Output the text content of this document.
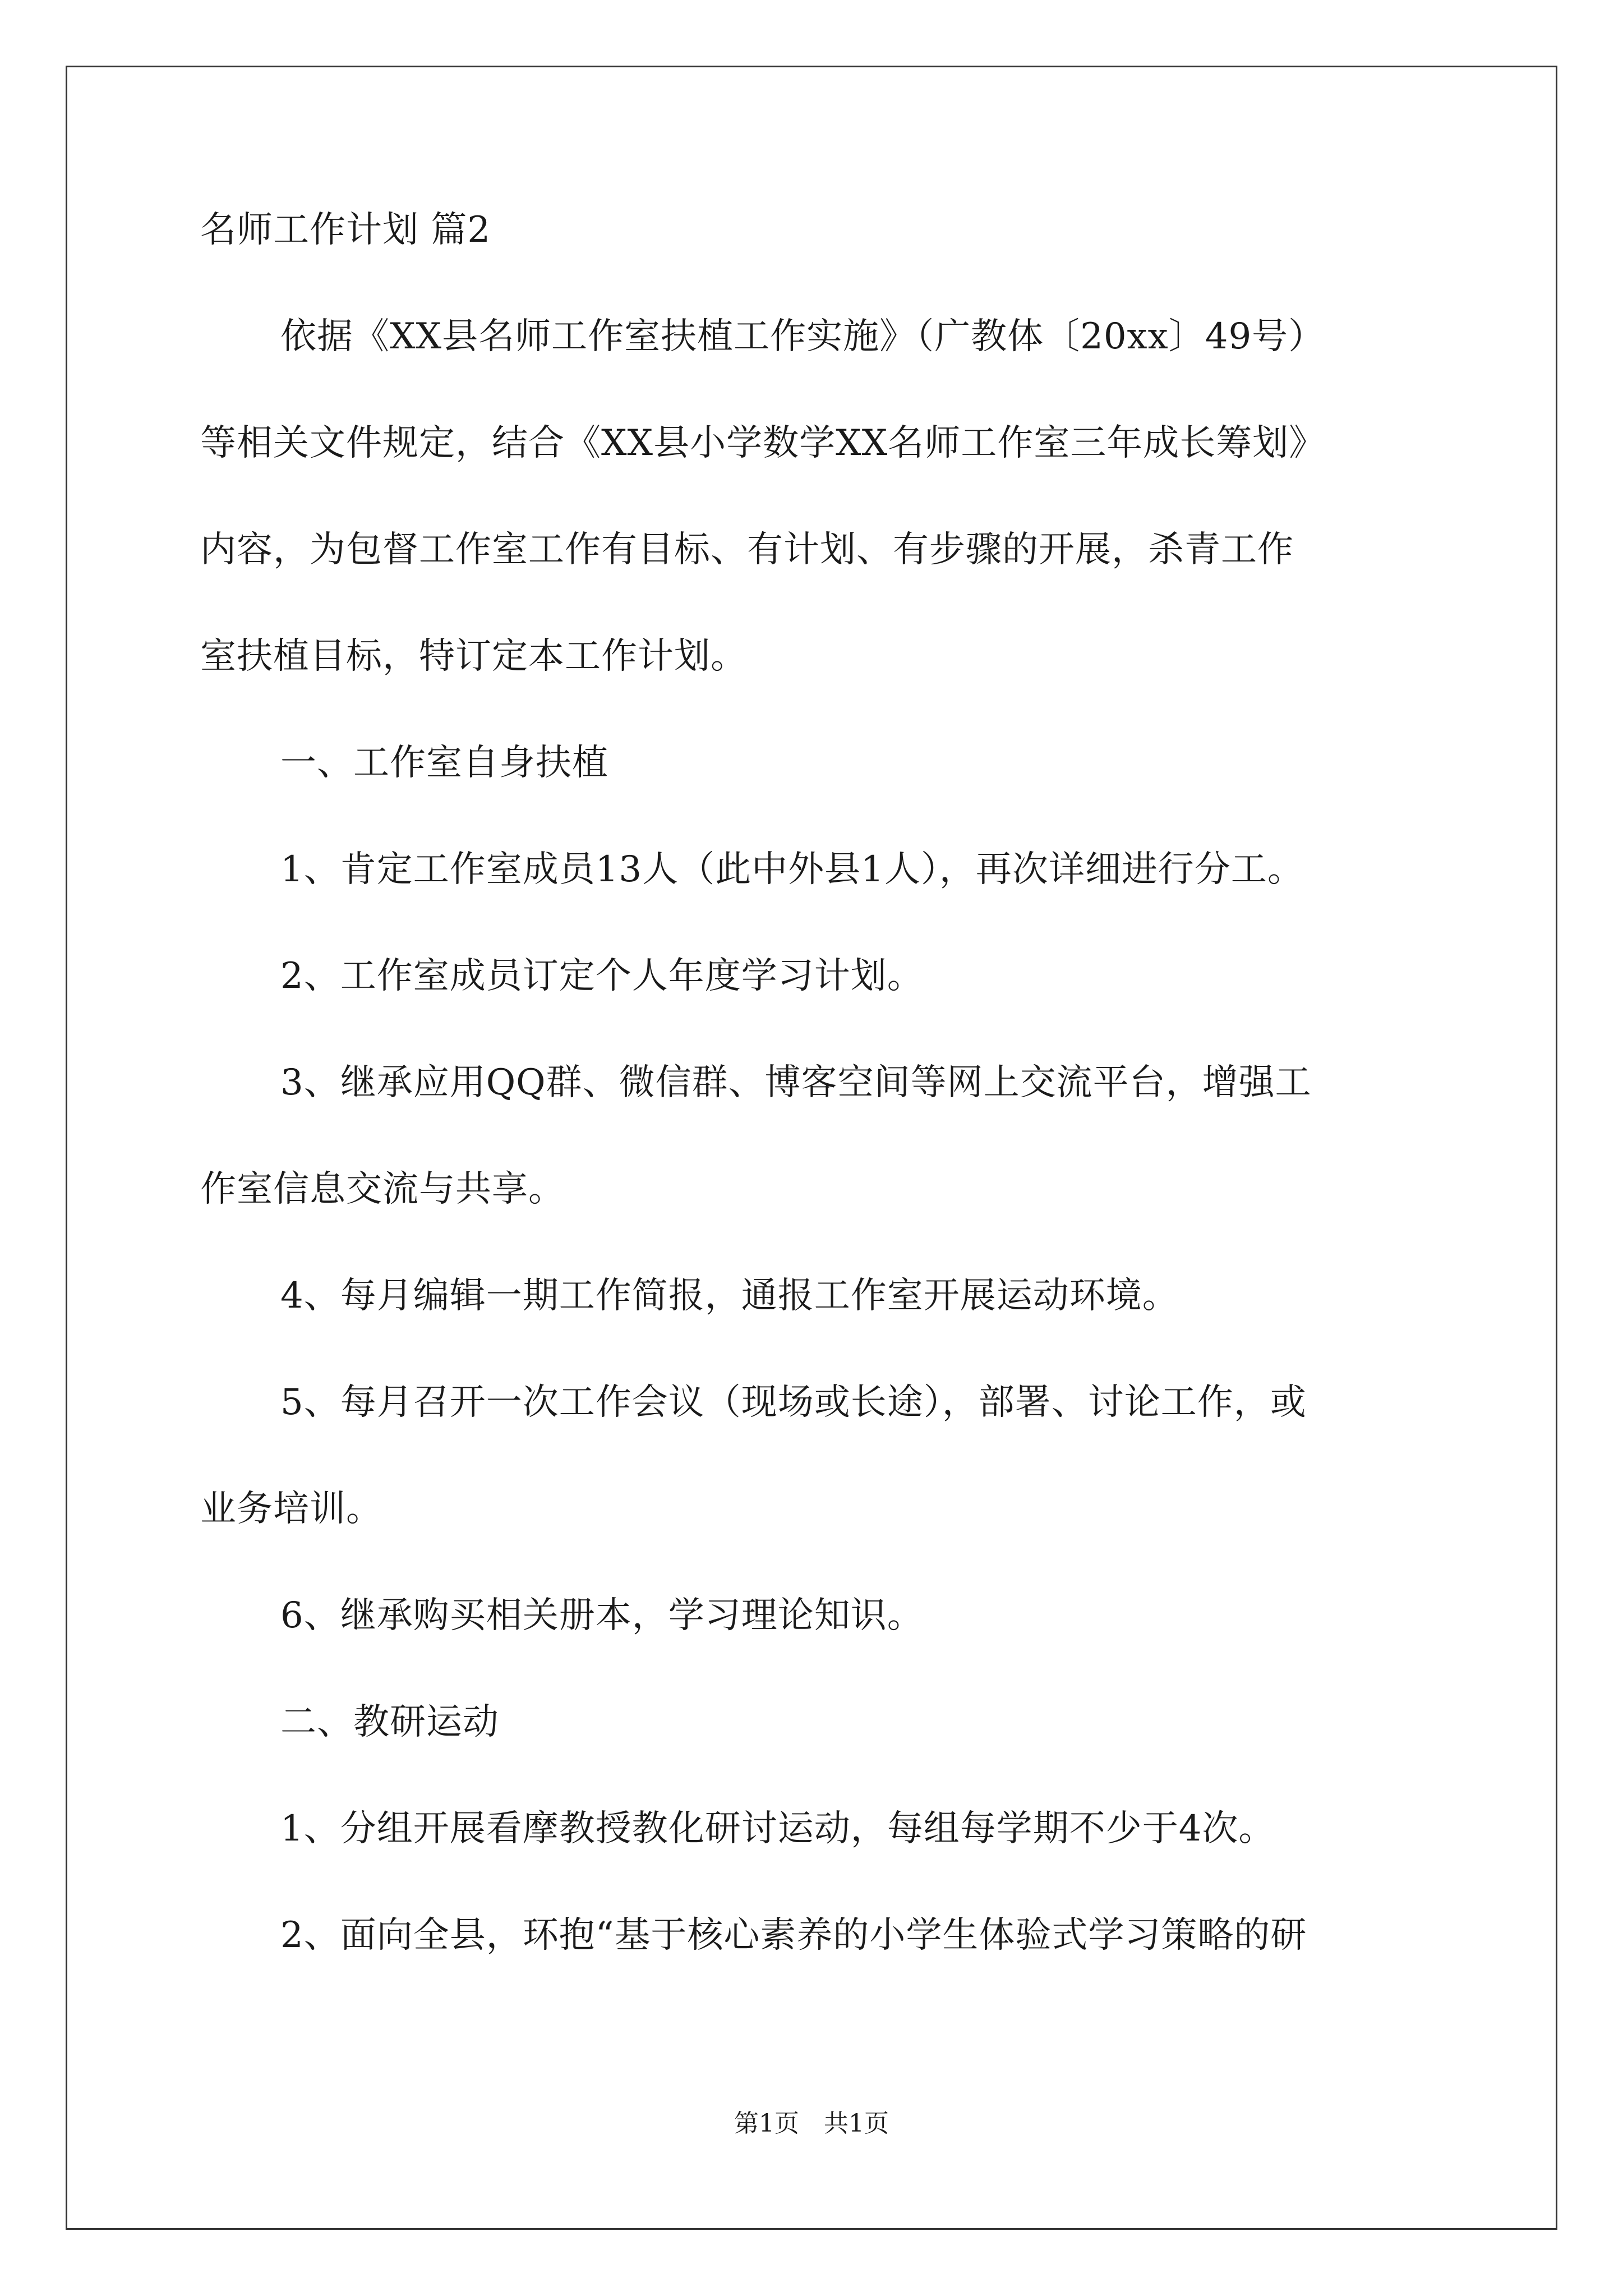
名师工作计划 篇2

依据《XX县名师工作室扶植工作实施》（广教体〔20xx〕49号）

等相关文件规定，结合《XX县小学数学XX名师工作室三年成长筹划》

内容，为包督工作室工作有目标、有计划、有步骤的开展，杀青工作

室扶植目标，特订定本工作计划。

一、工作室自身扶植

1、肯定工作室成员13人（此中外县1人），再次详细进行分工。

2、工作室成员订定个人年度学习计划。

3、继承应用QQ群、微信群、博客空间等网上交流平台，增强工

作室信息交流与共享。

4、每月编辑一期工作简报，通报工作室开展运动环境。

5、每月召开一次工作会议（现场或长途），部署、讨论工作，或

业务培训。

6、继承购买相关册本，学习理论知识。

二、教研运动

1、分组开展看摩教授教化研讨运动，每组每学期不少于4次。

2、面向全县，环抱“基于核心素养的小学生体验式学习策略的研

第1页　共1页
